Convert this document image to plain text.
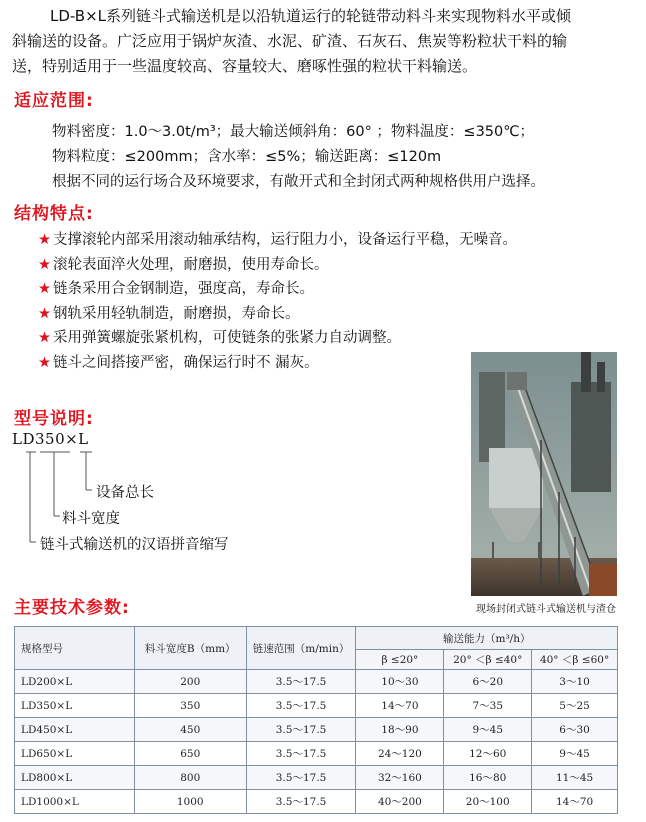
LD-B×L系列链斗式输送机是以沿轨道运行的轮链带动料斗来实现物料水平或倾

斜输送的设备。广泛应用于锅炉灰渣、水泥、矿渣、石灰石、焦炭等粉粒状干料的输

送，特别适用于一些温度较高、容量较大、磨啄性强的粒状干料输送。

适应范围:
物料密度：1.0～3.0t/m³；最大输送倾斜角：60° ；物料温度：≤350℃；
物料粒度：≤200mm；含水率：≤5%；输送距离：≤120m
根据不同的运行场合及环境要求，有敞开式和全封闭式两种规格供用户选择。
结构特点:
★ 支撑滚轮内部采用滚动轴承结构，运行阻力小，设备运行平稳，无噪音。
★ 滚轮表面淬火处理，耐磨损，使用寿命长。
★ 链条采用合金钢制造，强度高，寿命长。
★ 钢轨采用轻轨制造，耐磨损，寿命长。
★ 采用弹簧螺旋张紧机构，可使链条的张紧力自动调整。
★ 链斗之间搭接严密，确保运行时不 漏灰。
型号说明:
LD350×L
设备总长
料斗宽度
链斗式输送机的汉语拼音缩写
现场封闭式链斗式输送机与渣仓
主要技术参数:
规格型号	料斗宽度B（mm）	链速范围（m/min）	输送能力（m³/h）		
			β ≤20°	20° ＜β ≤40°	40° ＜β ≤60°
LD200×L	200	3.5～17.5	10～30	6～20	3～10
LD350×L	350	3.5～17.5	14～70	7～35	5～25
LD450×L	450	3.5～17.5	18～90	9～45	6～30
LD650×L	650	3.5～17.5	24～120	12～60	9～45
LD800×L	800	3.5～17.5	32～160	16～80	11～45
LD1000×L	1000	3.5～17.5	40～200	20～100	14～70
